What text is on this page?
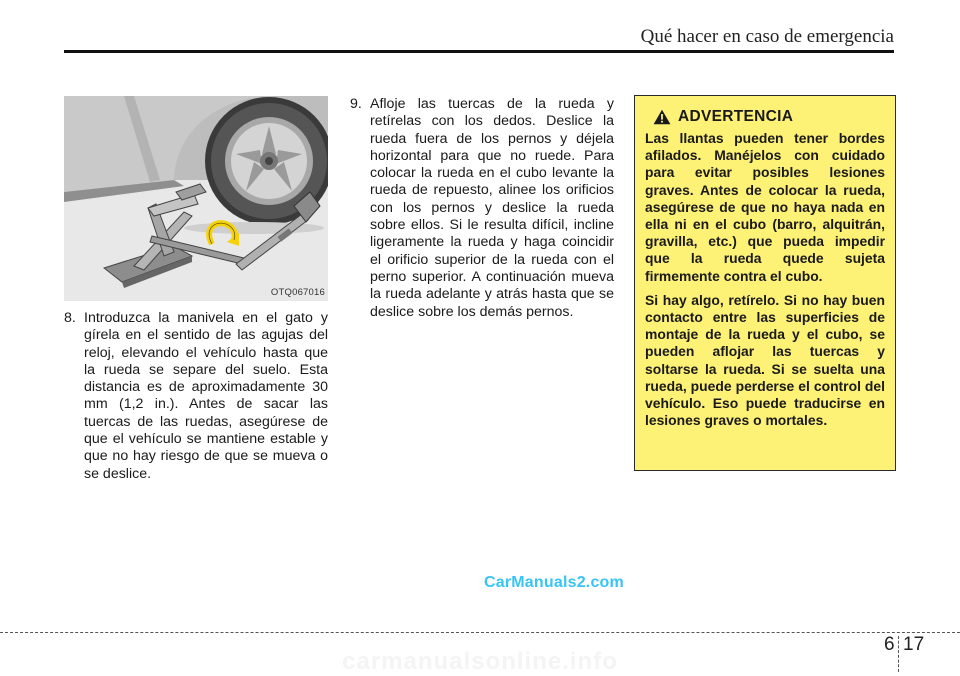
Qué hacer en caso de emergencia
OTQ067016
8. Introduzca la manivela en el gato y gírela en el sentido de las agujas del reloj, elevando el vehículo hasta que la rueda se separe del suelo. Esta distancia es de aproximadamente 30 mm (1,2 in.). Antes de sacar las tuercas de las ruedas, asegúrese de que el vehículo se mantiene estable y que no hay riesgo de que se mueva o se deslice.
9. Afloje las tuercas de la rueda y retírelas con los dedos. Deslice la rueda fuera de los pernos y déjela horizontal para que no ruede. Para colocar la rueda en el cubo levante la rueda de repuesto, alinee los orificios con los pernos y deslice la rueda sobre ellos. Si le resulta difícil, incline ligeramente la rueda y haga coincidir el orificio superior de la rueda con el perno superior. A continuación mueva la rueda adelante y atrás hasta que se deslice sobre los demás pernos.
ADVERTENCIA

Las llantas pueden tener bordes afilados. Manéjelos con cuidado para evitar posibles lesiones graves. Antes de colocar la rueda, asegúrese de que no haya nada en ella ni en el cubo (barro, alquitrán, gravilla, etc.) que pueda impedir que la rueda quede sujeta firmemente contra el cubo.

Si hay algo, retírelo. Si no hay buen contacto entre las superficies de montaje de la rueda y el cubo, se pueden aflojar las tuercas y soltarse la rueda. Si se suelta una rueda, puede perderse el control del vehículo. Eso puede traducirse en lesiones graves o mortales.

CarManuals2.com
6 17
carmanualsonline.info
